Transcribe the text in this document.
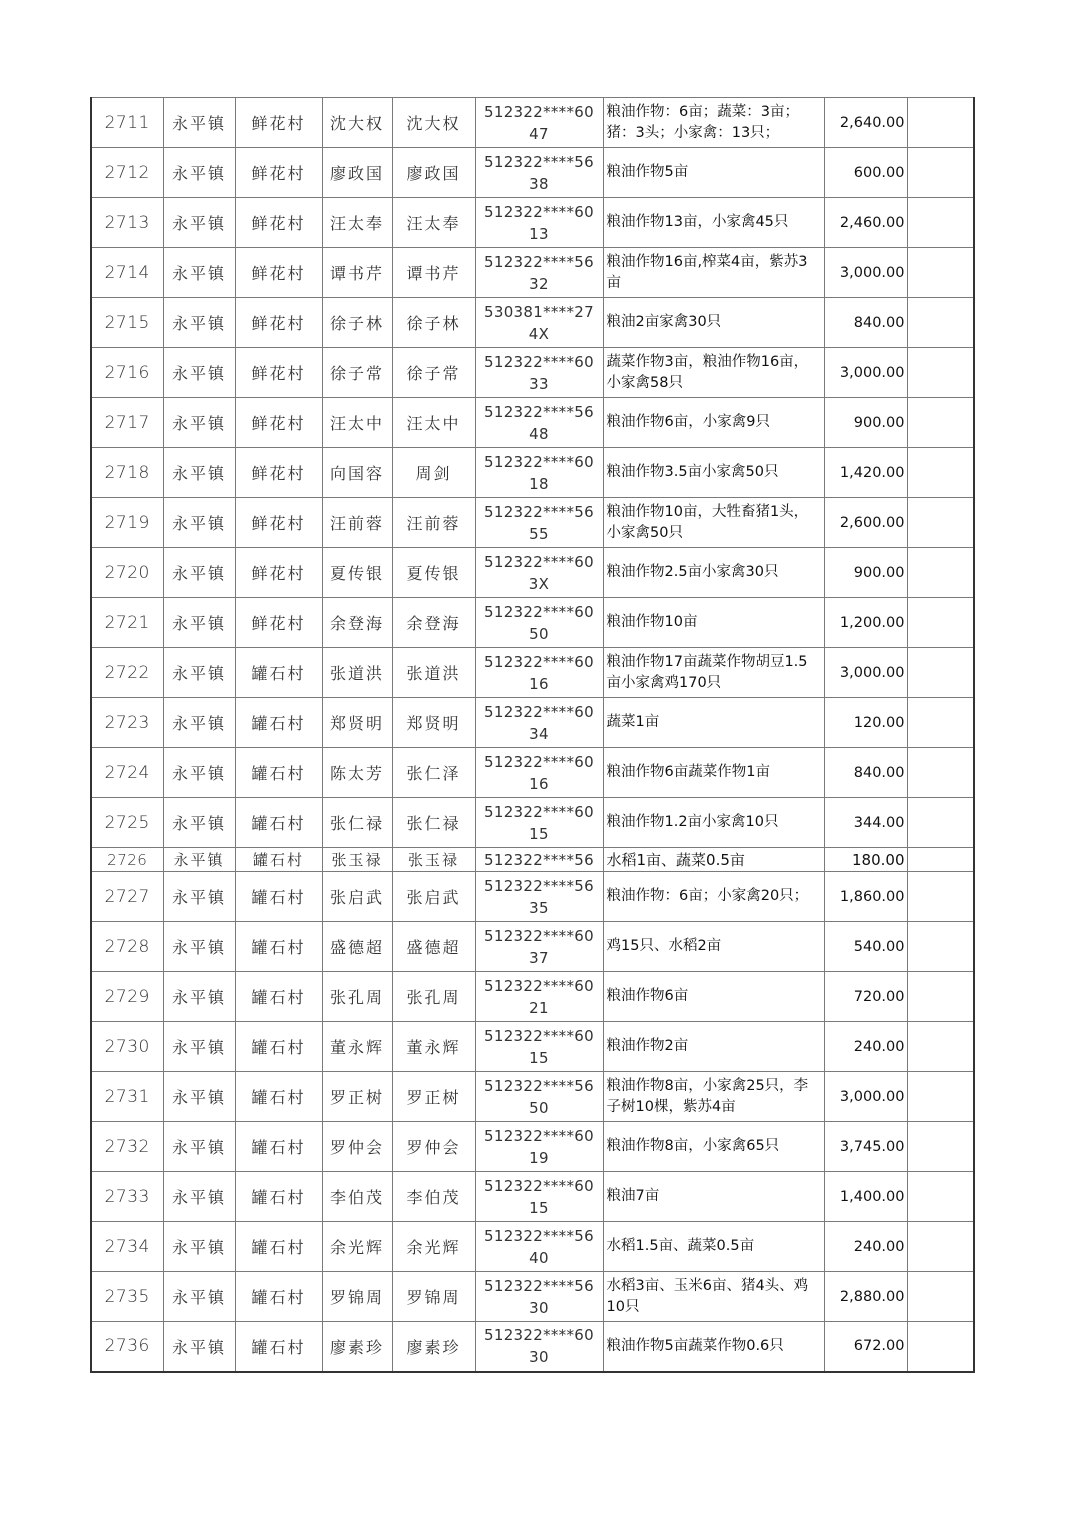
2711	永平镇	鲜花村	沈大权	沈大权	512322****6047	粮油作物：6亩；蔬菜：3亩；猪：3头；小家禽：13只；	2,640.00	
2712	永平镇	鲜花村	廖政国	廖政国	512322****5638	粮油作物5亩	600.00	
2713	永平镇	鲜花村	汪太奉	汪太奉	512322****6013	粮油作物13亩，小家禽45只	2,460.00	
2714	永平镇	鲜花村	谭书芹	谭书芹	512322****5632	粮油作物16亩,榨菜4亩，紫苏3亩	3,000.00	
2715	永平镇	鲜花村	徐子林	徐子林	530381****274X	粮油2亩家禽30只	840.00	
2716	永平镇	鲜花村	徐子常	徐子常	512322****6033	蔬菜作物3亩，粮油作物16亩，小家禽58只	3,000.00	
2717	永平镇	鲜花村	汪太中	汪太中	512322****5648	粮油作物6亩，小家禽9只	900.00	
2718	永平镇	鲜花村	向国容	周剑	512322****6018	粮油作物3.5亩小家禽50只	1,420.00	
2719	永平镇	鲜花村	汪前蓉	汪前蓉	512322****5655	粮油作物10亩，大牲畜猪1头，小家禽50只	2,600.00	
2720	永平镇	鲜花村	夏传银	夏传银	512322****603X	粮油作物2.5亩小家禽30只	900.00	
2721	永平镇	鲜花村	余登海	余登海	512322****6050	粮油作物10亩	1,200.00	
2722	永平镇	罐石村	张道洪	张道洪	512322****6016	粮油作物17亩蔬菜作物胡豆1.5亩小家禽鸡170只	3,000.00	
2723	永平镇	罐石村	郑贤明	郑贤明	512322****6034	蔬菜1亩	120.00	
2724	永平镇	罐石村	陈太芳	张仁泽	512322****6016	粮油作物6亩蔬菜作物1亩	840.00	
2725	永平镇	罐石村	张仁禄	张仁禄	512322****6015	粮油作物1.2亩小家禽10只	344.00	
2726	永平镇	罐石村	张玉禄	张玉禄	512322****56	水稻1亩、蔬菜0.5亩	180.00	
2727	永平镇	罐石村	张启武	张启武	512322****5635	粮油作物：6亩；小家禽20只；	1,860.00	
2728	永平镇	罐石村	盛德超	盛德超	512322****6037	鸡15只、水稻2亩	540.00	
2729	永平镇	罐石村	张孔周	张孔周	512322****6021	粮油作物6亩	720.00	
2730	永平镇	罐石村	董永辉	董永辉	512322****6015	粮油作物2亩	240.00	
2731	永平镇	罐石村	罗正树	罗正树	512322****5650	粮油作物8亩，小家禽25只，李子树10棵，紫苏4亩	3,000.00	
2732	永平镇	罐石村	罗仲会	罗仲会	512322****6019	粮油作物8亩，小家禽65只	3,745.00	
2733	永平镇	罐石村	李伯茂	李伯茂	512322****6015	粮油7亩	1,400.00	
2734	永平镇	罐石村	余光辉	余光辉	512322****5640	水稻1.5亩、蔬菜0.5亩	240.00	
2735	永平镇	罐石村	罗锦周	罗锦周	512322****5630	水稻3亩、玉米6亩、猪4头、鸡10只	2,880.00	
2736	永平镇	罐石村	廖素珍	廖素珍	512322****6030	粮油作物5亩蔬菜作物0.6只	672.00	
